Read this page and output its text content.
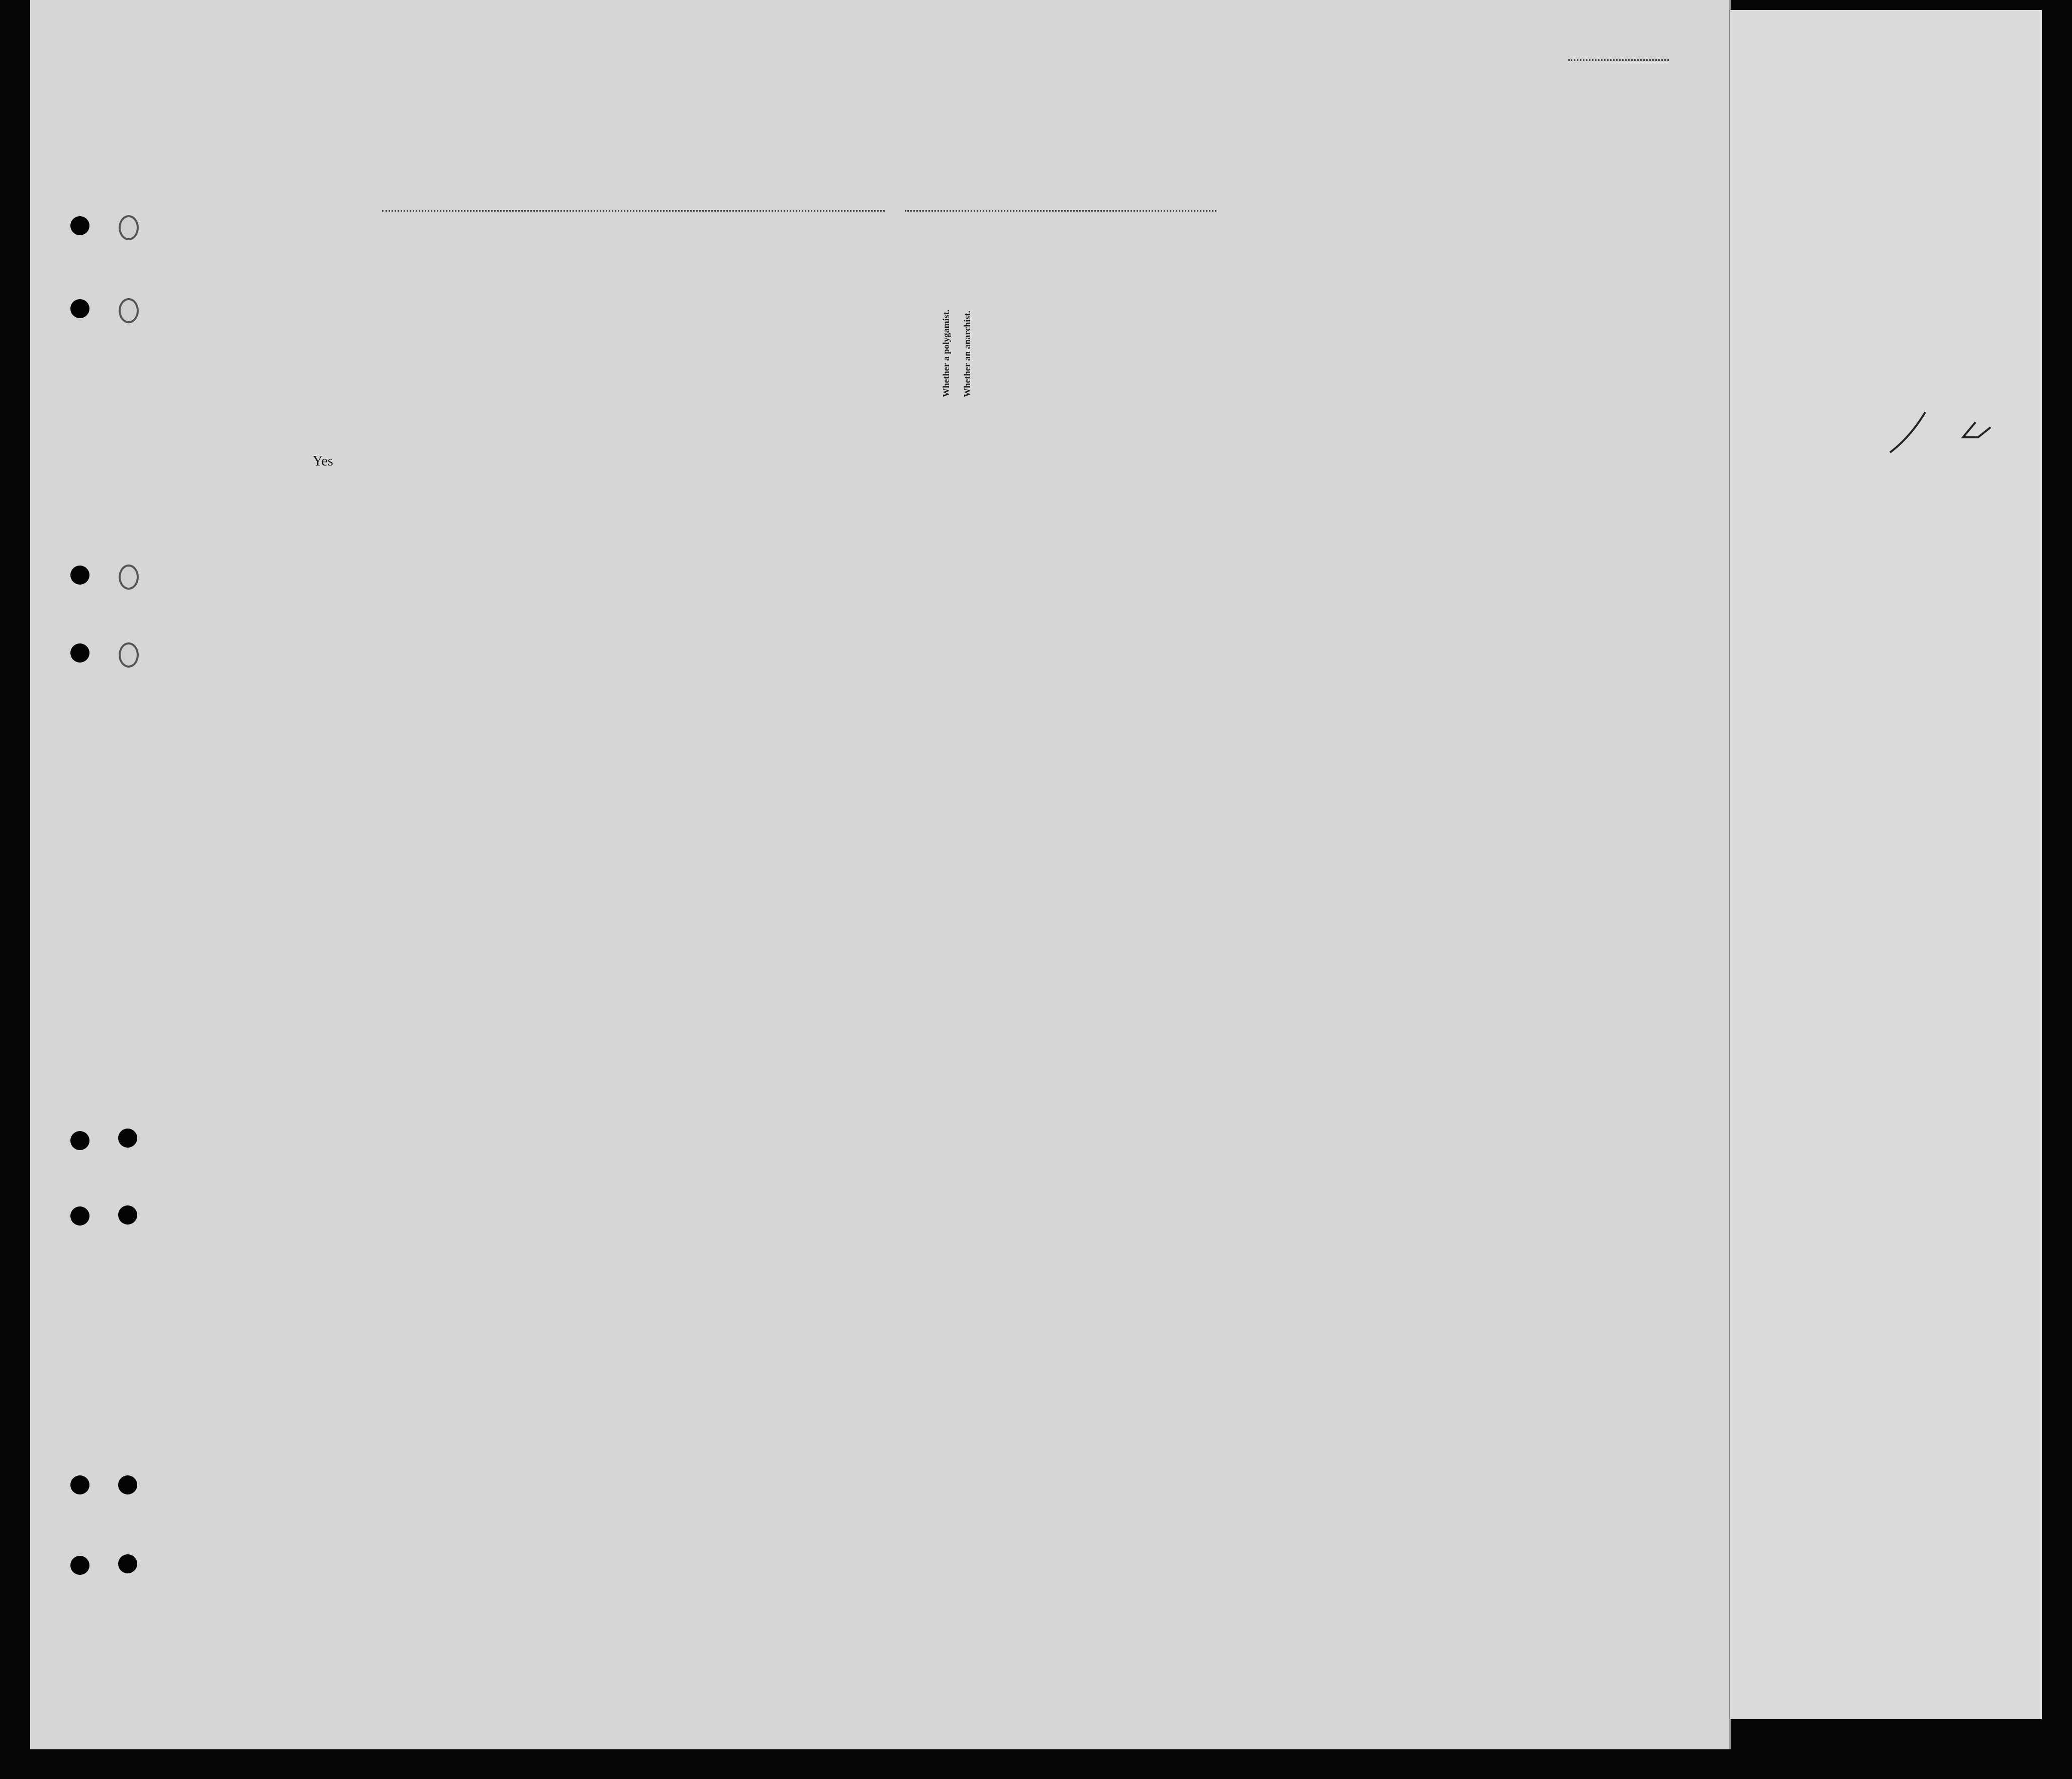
Whether an anarchist.
Whether a polygamist.
Yes
